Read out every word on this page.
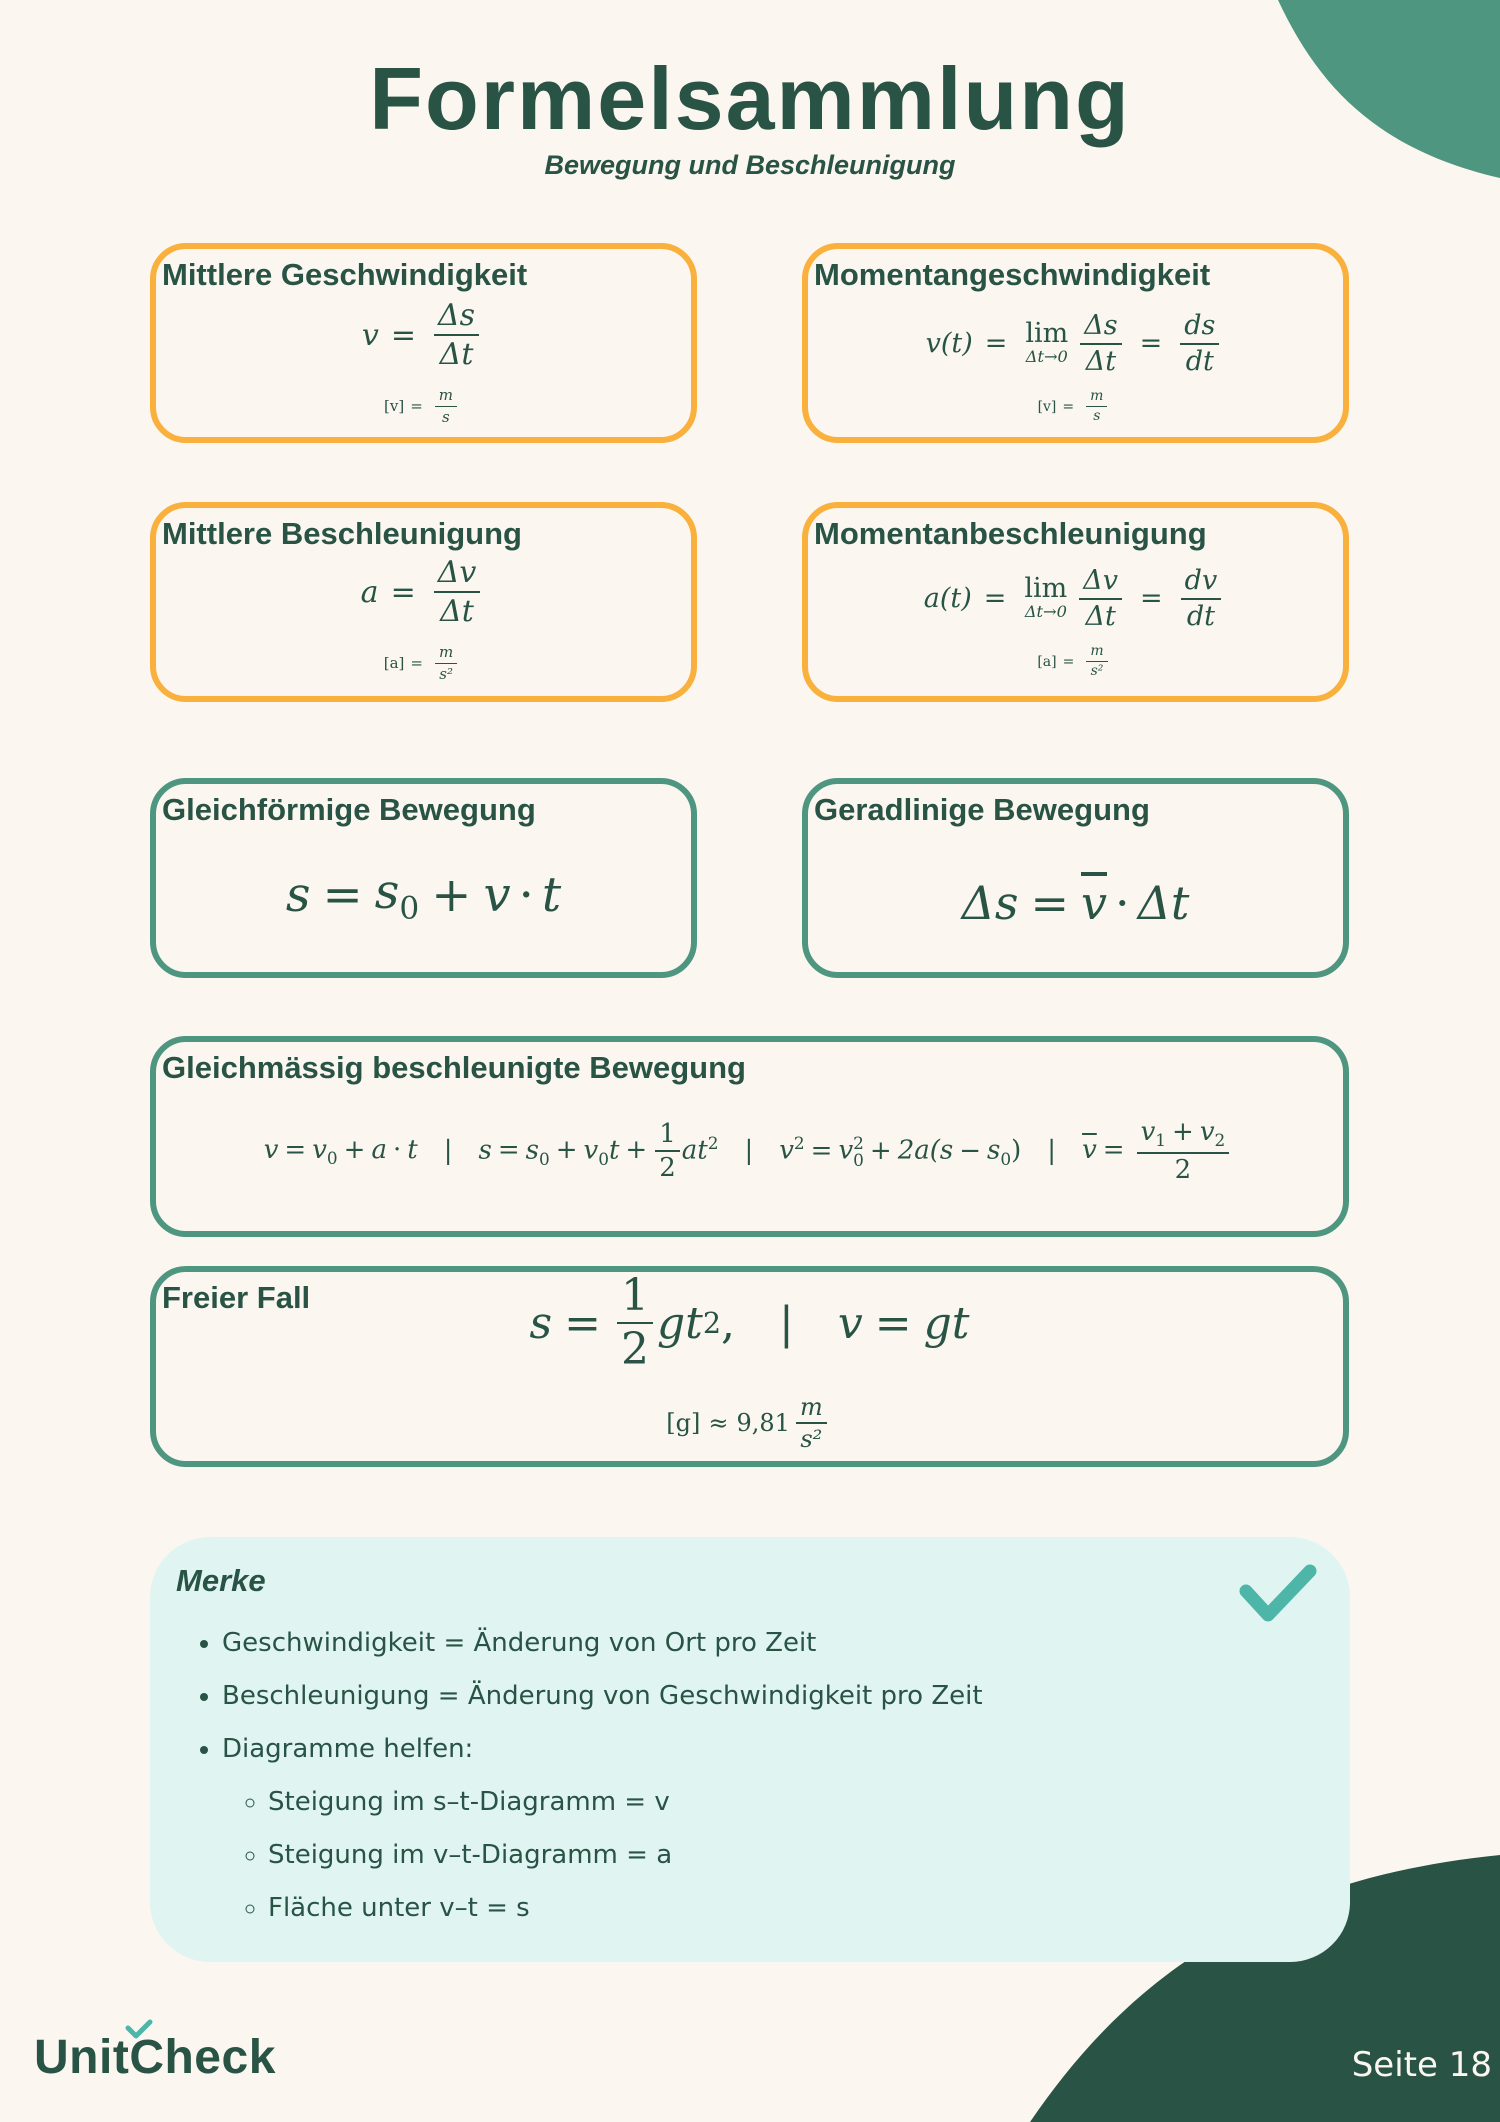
Formelsammlung
Bewegung und Beschleunigung
Mittlere Geschwindigkeit
$v = \frac{\Delta s}{\Delta t}$
$[v] = \frac{m}{s}$
Momentangeschwindigkeit
v(t) = lim
$\Delta t\to 0 \frac{\Delta s}{\Delta t} = \frac{ds}{dt}$
$[v] = \frac{m}{s}$
Mittlere Beschleunigung
$a = \frac{\Delta v}{\Delta t}$
$[a] = \frac{m}{\text{s²}}$
Momentanbeschleunigung
a(t) = lim
$\Delta t\to 0 \frac{\Delta v}{\Delta t} = \frac{dv}{dt}$
$[a] = \frac{m}{\text{s²}}$
Gleichförmige Bewegung
$s = s_0 + v \cdot t$
Geradlinige Bewegung
$\Delta s = \overline{v} \cdot \Delta t$
Gleichmässig beschleunigte Bewegung
$v = v_0 + a \cdot t$ | $s = s_0 + v_0t + \frac{1}{2} at^2$ | $v^2 = v$ 2
$0 + 2a(s - s_0)$ | $\overline{v} = \frac{v_1 + v_2}{2}$
Freier Fall
$s = \frac{1}{2}$ gt 2 , | v = gt
$[g] \approx 9,81 \frac{m}{\text{s²}}$
Merke
• Geschwindigkeit = Änderung von Ort pro Zeit
• Beschleunigung = Änderung von Geschwindigkeit pro Zeit
• Diagramme helfen:
◦ Steigung im s–t-Diagramm = v
◦ Steigung im v–t-Diagramm = a
◦ Fläche unter v–t = s
UnitCheck	Seite 18
